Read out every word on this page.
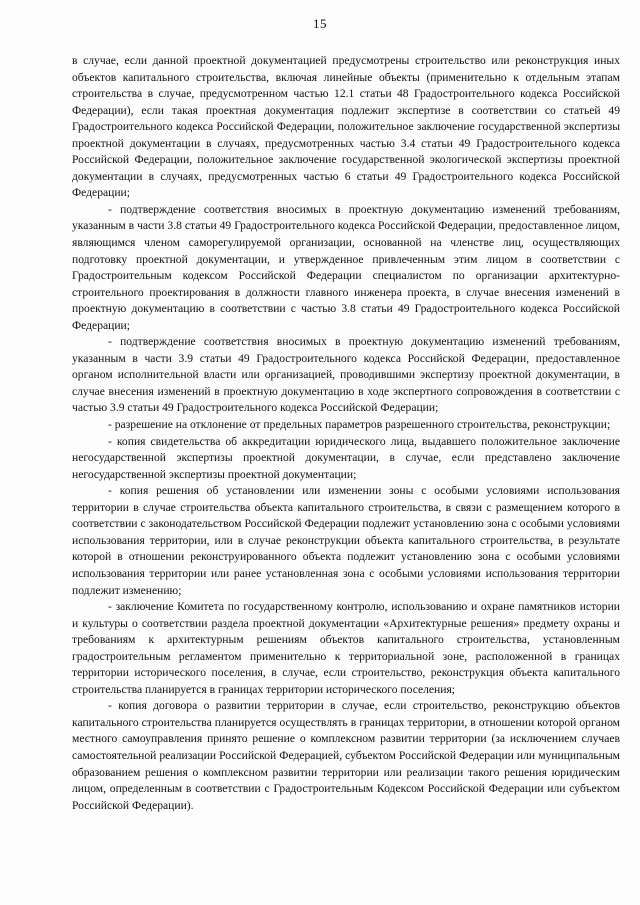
15

в случае, если данной проектной документацией предусмотрены строительство или реконструкция иных объектов капитального строительства, включая линейные объекты (применительно к отдельным этапам строительства в случае, предусмотренном частью 12.1 статьи 48 Градостроительного кодекса Российской Федерации), если такая проектная документация подлежит экспертизе в соответствии со статьей 49 Градостроительного кодекса Российской Федерации, положительное заключение государственной экспертизы проектной документации в случаях, предусмотренных частью 3.4 статьи 49 Градостроительного кодекса Российской Федерации, положительное заключение государственной экологической экспертизы проектной документации в случаях, предусмотренных частью 6 статьи 49 Градостроительного кодекса Российской Федерации;

- подтверждение соответствия вносимых в проектную документацию изменений требованиям, указанным в части 3.8 статьи 49 Градостроительного кодекса Российской Федерации, предоставленное лицом, являющимся членом саморегулируемой организации, основанной на членстве лиц, осуществляющих подготовку проектной документации, и утвержденное привлеченным этим лицом в соответствии с Градостроительным кодексом Российской Федерации специалистом по организации архитектурно-строительного проектирования в должности главного инженера проекта, в случае внесения изменений в проектную документацию в соответствии с частью 3.8 статьи 49 Градостроительного кодекса Российской Федерации;

- подтверждение соответствия вносимых в проектную документацию изменений требованиям, указанным в части 3.9 статьи 49 Градостроительного кодекса Российской Федерации, предоставленное органом исполнительной власти или организацией, проводившими экспертизу проектной документации, в случае внесения изменений в проектную документацию в ходе экспертного сопровождения в соответствии с частью 3.9 статьи 49 Градостроительного кодекса Российской Федерации;

- разрешение на отклонение от предельных параметров разрешенного строительства, реконструкции;

- копия свидетельства об аккредитации юридического лица, выдавшего положительное заключение негосударственной экспертизы проектной документации, в случае, если представлено заключение негосударственной экспертизы проектной документации;

- копия решения об установлении или изменении зоны с особыми условиями использования территории в случае строительства объекта капитального строительства, в связи с размещением которого в соответствии с законодательством Российской Федерации подлежит установлению зона с особыми условиями использования территории, или в случае реконструкции объекта капитального строительства, в результате которой в отношении реконструированного объекта подлежит установлению зона с особыми условиями использования территории или ранее установленная зона с особыми условиями использования территории подлежит изменению;

- заключение Комитета по государственному контролю, использованию и охране памятников истории и культуры о соответствии раздела проектной документации «Архитектурные решения» предмету охраны и требованиям к архитектурным решениям объектов капитального строительства, установленным градостроительным регламентом применительно к территориальной зоне, расположенной в границах территории исторического поселения, в случае, если строительство, реконструкция объекта капитального строительства планируется в границах территории исторического поселения;

- копия договора о развитии территории в случае, если строительство, реконструкцию объектов капитального строительства планируется осуществлять в границах территории, в отношении которой органом местного самоуправления принято решение о комплексном развитии территории (за исключением случаев самостоятельной реализации Российской Федерацией, субъектом Российской Федерации или муниципальным образованием решения о комплексном развитии территории или реализации такого решения юридическим лицом, определенным в соответствии с Градостроительным Кодексом Российской Федерации или субъектом Российской Федерации).
